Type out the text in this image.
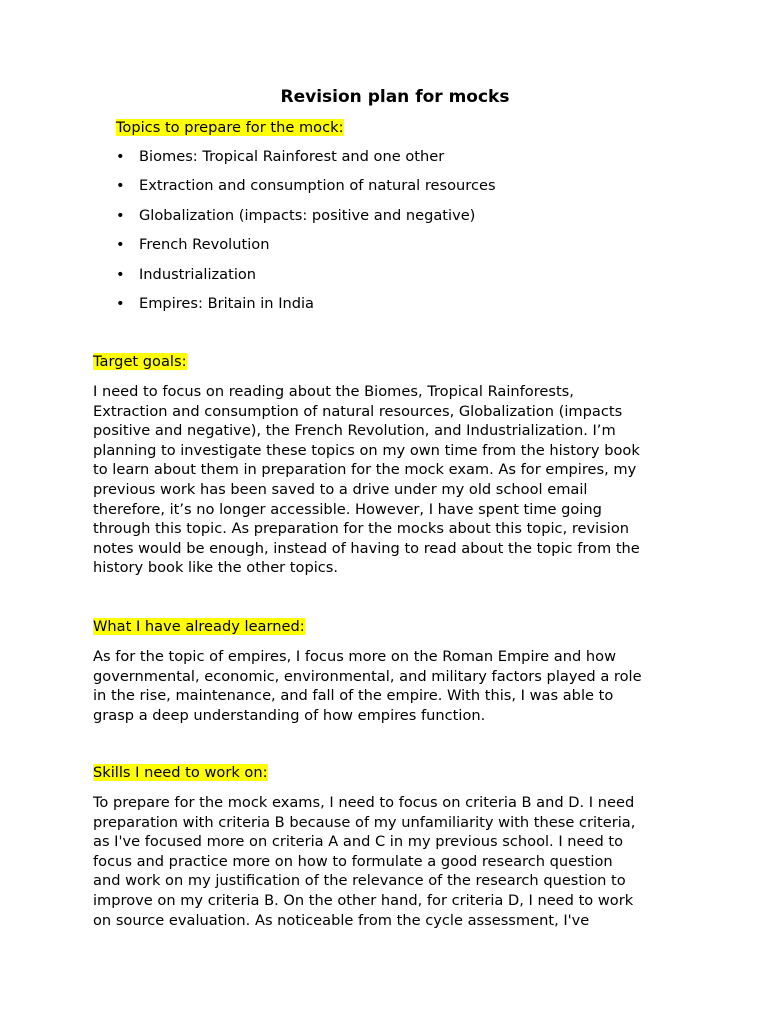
Revision plan for mocks
Topics to prepare for the mock:
• Biomes: Tropical Rainforest and one other
• Extraction and consumption of natural resources
• Globalization (impacts: positive and negative)
• French Revolution
• Industrialization
• Empires: Britain in India
Target goals:
I need to focus on reading about the Biomes, Tropical Rainforests,
Extraction and consumption of natural resources, Globalization (impacts
positive and negative), the French Revolution, and Industrialization. I’m
planning to investigate these topics on my own time from the history book
to learn about them in preparation for the mock exam. As for empires, my
previous work has been saved to a drive under my old school email
therefore, it’s no longer accessible. However, I have spent time going
through this topic. As preparation for the mocks about this topic, revision
notes would be enough, instead of having to read about the topic from the
history book like the other topics.
What I have already learned:
As for the topic of empires, I focus more on the Roman Empire and how
governmental, economic, environmental, and military factors played a role
in the rise, maintenance, and fall of the empire. With this, I was able to
grasp a deep understanding of how empires function.
Skills I need to work on:
To prepare for the mock exams, I need to focus on criteria B and D. I need
preparation with criteria B because of my unfamiliarity with these criteria,
as I've focused more on criteria A and C in my previous school. I need to
focus and practice more on how to formulate a good research question
and work on my justification of the relevance of the research question to
improve on my criteria B. On the other hand, for criteria D, I need to work
on source evaluation. As noticeable from the cycle assessment, I've
